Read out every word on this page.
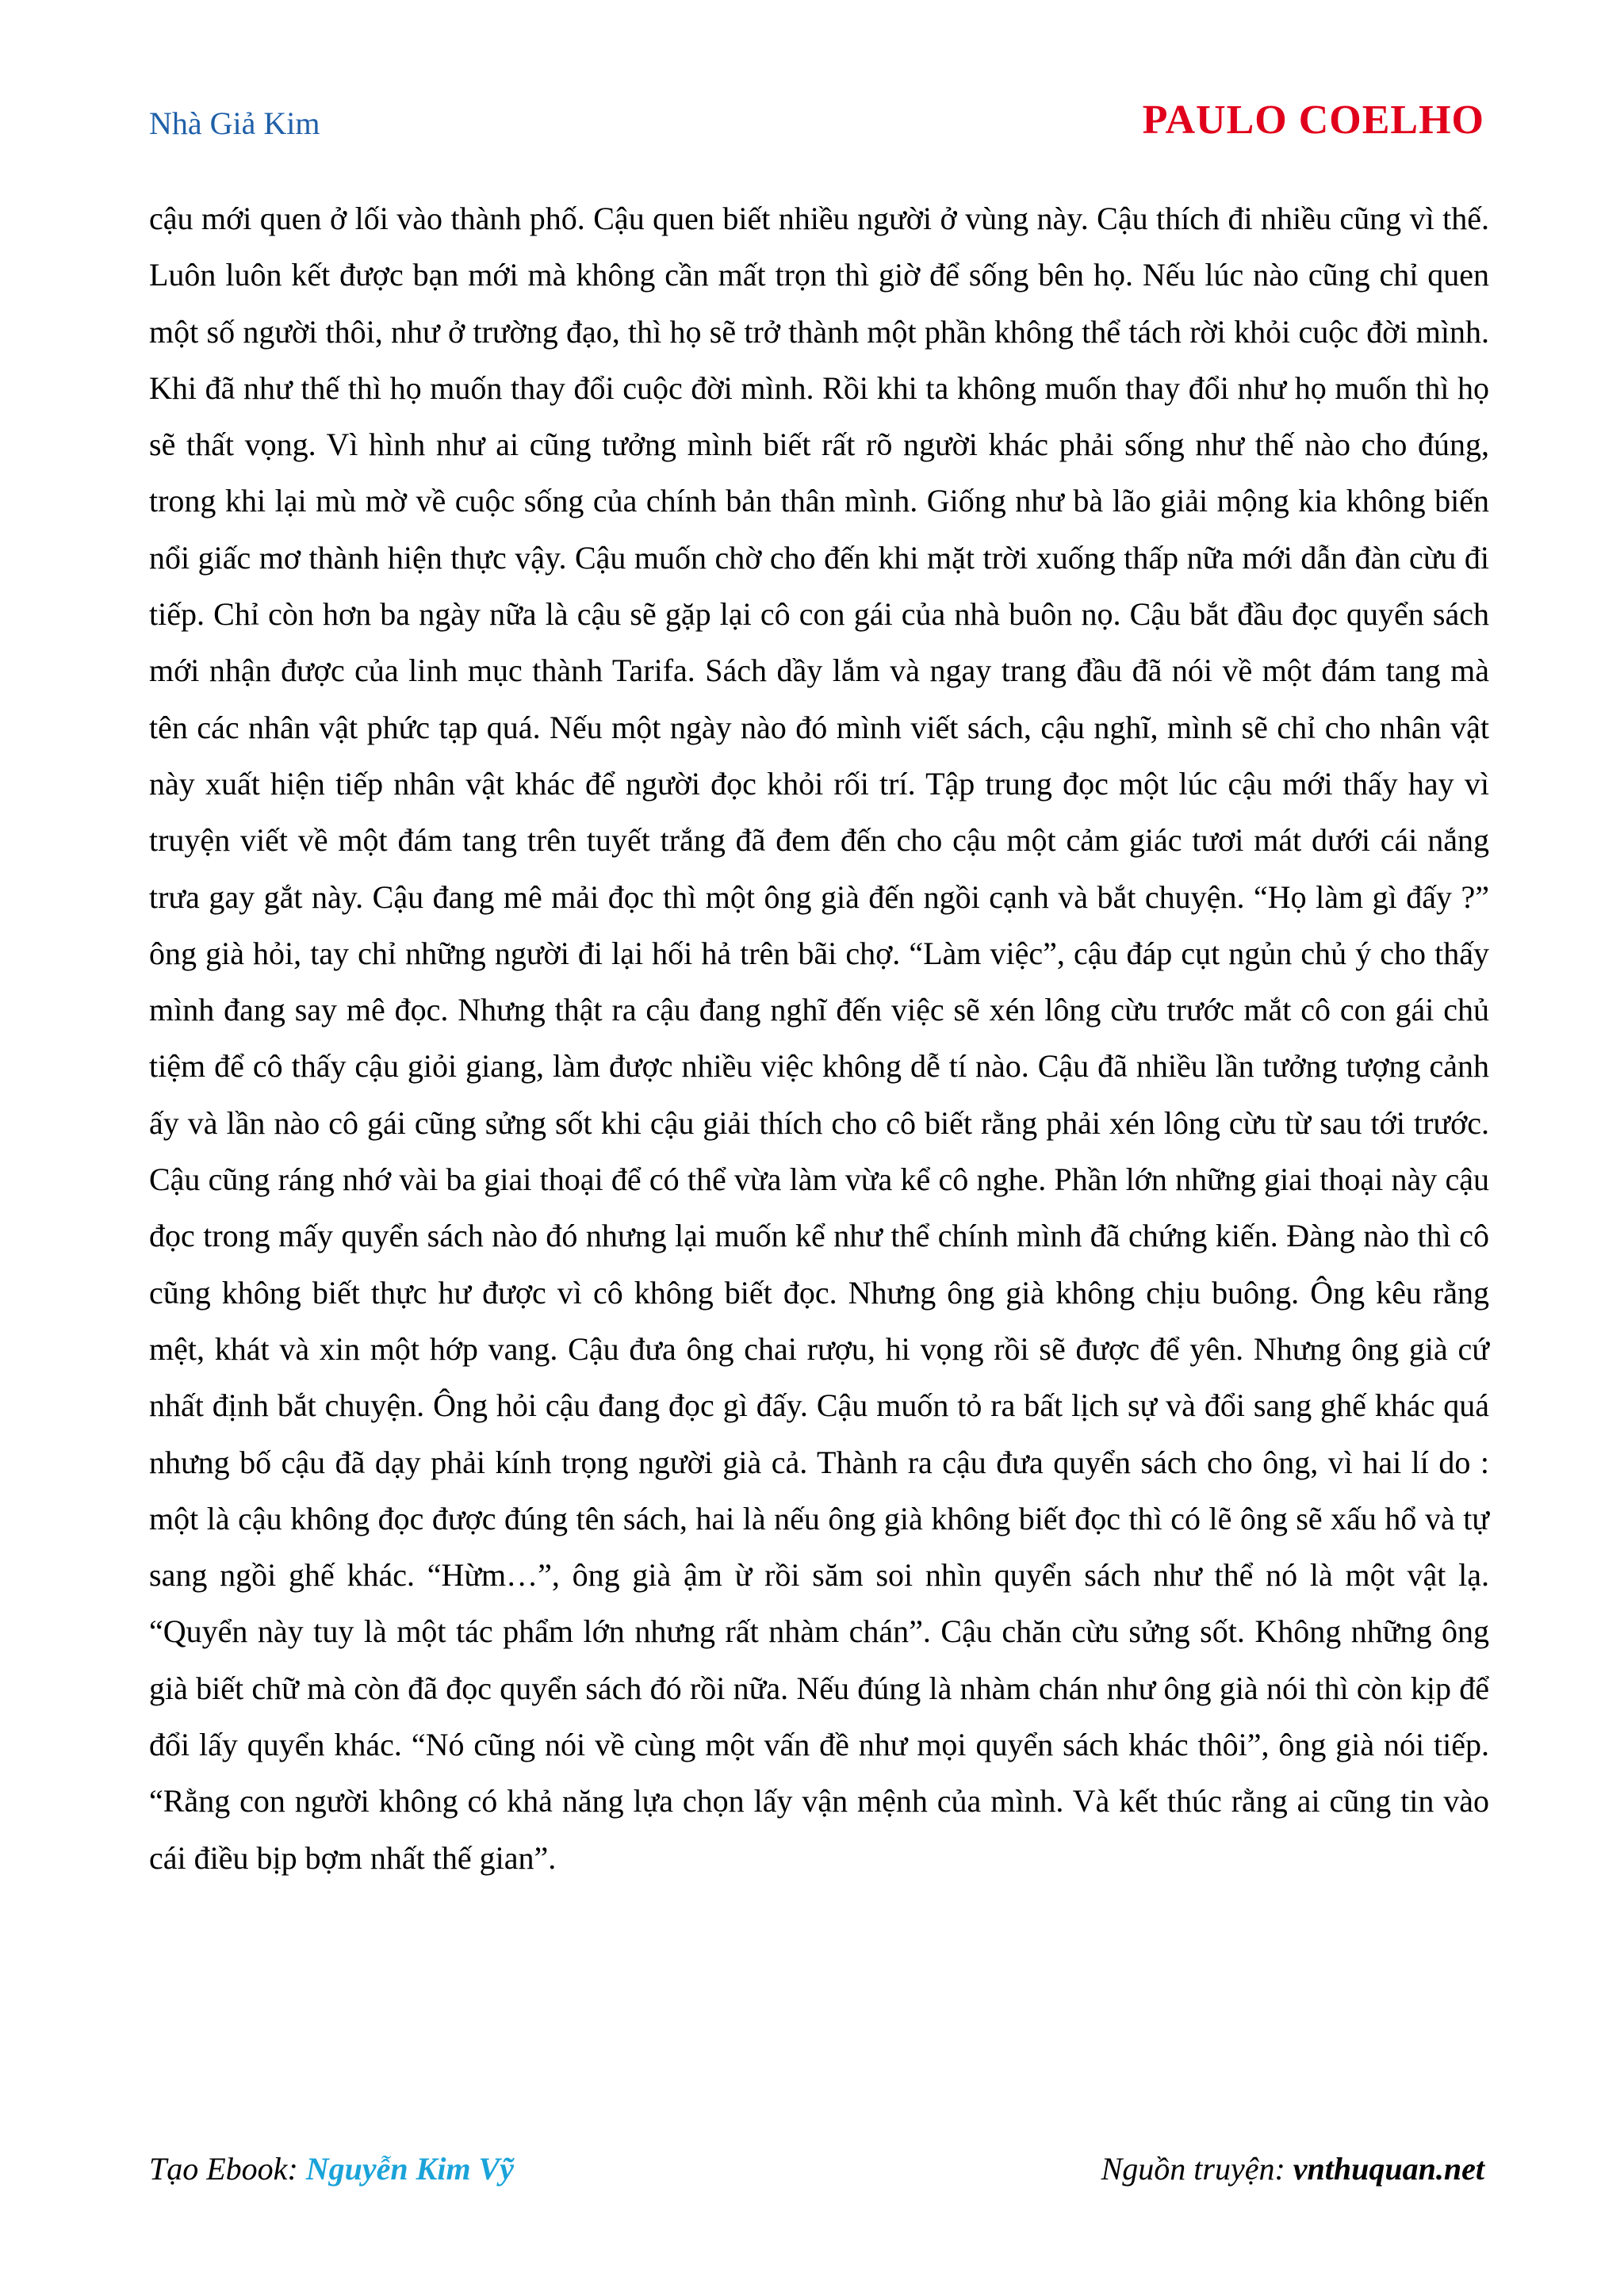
Nhà Giả Kim	PAULO COELHO

cậu mới quen ở lối vào thành phố. Cậu quen biết nhiều người ở vùng này. Cậu thích đi nhiều cũng vì thế. Luôn luôn kết được bạn mới mà không cần mất trọn thì giờ để sống bên họ. Nếu lúc nào cũng chỉ quen một số người thôi, như ở trường đạo, thì họ sẽ trở thành một phần không thể tách rời khỏi cuộc đời mình. Khi đã như thế thì họ muốn thay đổi cuộc đời mình. Rồi khi ta không muốn thay đổi như họ muốn thì họ sẽ thất vọng. Vì hình như ai cũng tưởng mình biết rất rõ người khác phải sống như thế nào cho đúng, trong khi lại mù mờ về cuộc sống của chính bản thân mình. Giống như bà lão giải mộng kia không biến nổi giấc mơ thành hiện thực vậy. Cậu muốn chờ cho đến khi mặt trời xuống thấp nữa mới dẫn đàn cừu đi tiếp. Chỉ còn hơn ba ngày nữa là cậu sẽ gặp lại cô con gái của nhà buôn nọ. Cậu bắt đầu đọc quyển sách mới nhận được của linh mục thành Tarifa. Sách dầy lắm và ngay trang đầu đã nói về một đám tang mà tên các nhân vật phức tạp quá. Nếu một ngày nào đó mình viết sách, cậu nghĩ, mình sẽ chỉ cho nhân vật này xuất hiện tiếp nhân vật khác để người đọc khỏi rối trí. Tập trung đọc một lúc cậu mới thấy hay vì truyện viết về một đám tang trên tuyết trắng đã đem đến cho cậu một cảm giác tươi mát dưới cái nắng trưa gay gắt này. Cậu đang mê mải đọc thì một ông già đến ngồi cạnh và bắt chuyện. “Họ làm gì đấy ?” ông già hỏi, tay chỉ những người đi lại hối hả trên bãi chợ. “Làm việc”, cậu đáp cụt ngủn chủ ý cho thấy mình đang say mê đọc. Nhưng thật ra cậu đang nghĩ đến việc sẽ xén lông cừu trước mắt cô con gái chủ tiệm để cô thấy cậu giỏi giang, làm được nhiều việc không dễ tí nào. Cậu đã nhiều lần tưởng tượng cảnh ấy và lần nào cô gái cũng sửng sốt khi cậu giải thích cho cô biết rằng phải xén lông cừu từ sau tới trước. Cậu cũng ráng nhớ vài ba giai thoại để có thể vừa làm vừa kể cô nghe. Phần lớn những giai thoại này cậu đọc trong mấy quyển sách nào đó nhưng lại muốn kể như thể chính mình đã chứng kiến. Đàng nào thì cô cũng không biết thực hư được vì cô không biết đọc. Nhưng ông già không chịu buông. Ông kêu rằng mệt, khát và xin một hớp vang. Cậu đưa ông chai rượu, hi vọng rồi sẽ được để yên. Nhưng ông già cứ nhất định bắt chuyện. Ông hỏi cậu đang đọc gì đấy. Cậu muốn tỏ ra bất lịch sự và đổi sang ghế khác quá nhưng bố cậu đã dạy phải kính trọng người già cả. Thành ra cậu đưa quyển sách cho ông, vì hai lí do : một là cậu không đọc được đúng tên sách, hai là nếu ông già không biết đọc thì có lẽ ông sẽ xấu hổ và tự sang ngồi ghế khác. “Hừm…”, ông già ậm ừ rồi săm soi nhìn quyển sách như thể nó là một vật lạ. “Quyển này tuy là một tác phẩm lớn nhưng rất nhàm chán”. Cậu chăn cừu sửng sốt. Không những ông già biết chữ mà còn đã đọc quyển sách đó rồi nữa. Nếu đúng là nhàm chán như ông già nói thì còn kịp để đổi lấy quyển khác. “Nó cũng nói về cùng một vấn đề như mọi quyển sách khác thôi”, ông già nói tiếp. “Rằng con người không có khả năng lựa chọn lấy vận mệnh của mình. Và kết thúc rằng ai cũng tin vào cái điều bịp bợm nhất thế gian”.

Tạo Ebook: Nguyễn Kim Vỹ	Nguồn truyện: vnthuquan.net
